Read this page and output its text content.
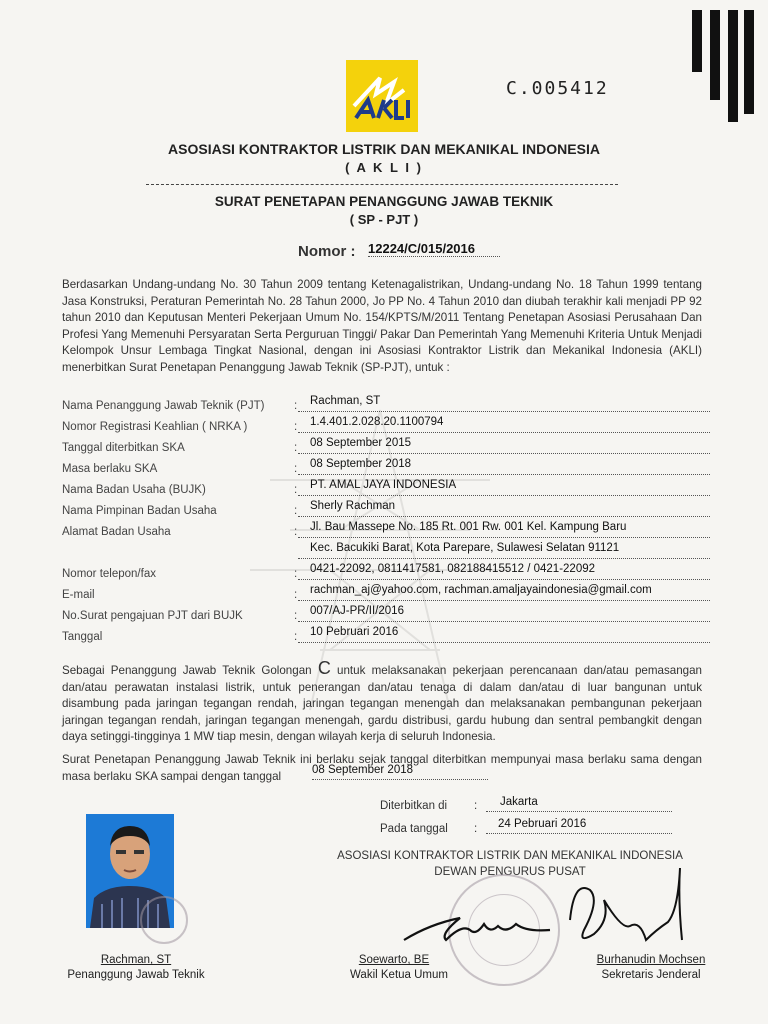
C.005412
ASOSIASI KONTRAKTOR LISTRIK DAN MEKANIKAL INDONESIA
( A K L I )
SURAT PENETAPAN PENANGGUNG JAWAB TEKNIK
( SP - PJT )
Nomor : 12224/C/015/2016
Berdasarkan Undang-undang No. 30 Tahun 2009 tentang Ketenagalistrikan, Undang-undang No. 18 Tahun 1999 tentang Jasa Konstruksi, Peraturan Pemerintah No. 28 Tahun 2000, Jo PP No. 4 Tahun 2010 dan diubah terakhir kali menjadi PP 92 tahun 2010 dan Keputusan Menteri Pekerjaan Umum No. 154/KPTS/M/2011 Tentang Penetapan Asosiasi Perusahaan Dan Profesi Yang Memenuhi Persyaratan Serta Perguruan Tinggi/ Pakar Dan Pemerintah Yang Memenuhi Kriteria Untuk Menjadi Kelompok Unsur Lembaga Tingkat Nasional, dengan ini Asosiasi Kontraktor Listrik dan Mekanikal Indonesia (AKLI) menerbitkan Surat Penetapan Penanggung Jawab Teknik (SP-PJT), untuk :
Nama Penanggung Jawab Teknik (PJT)	:	Rachman, ST
Nomor Registrasi Keahlian ( NRKA )	:	1.4.401.2.028.20.1100794
Tanggal diterbitkan SKA	:	08 September 2015
Masa berlaku SKA	:	08 September 2018
Nama Badan Usaha (BUJK)	:	PT. AMAL JAYA INDONESIA
Nama Pimpinan Badan Usaha	:	Sherly Rachman
Alamat Badan Usaha	:	Jl. Bau Massepe No. 185 Rt. 001 Rw. 001 Kel. Kampung Baru
Kec. Bacukiki Barat, Kota Parepare, Sulawesi Selatan 91121
Nomor telepon/fax	:	0421-22092, 0811417581, 082188415512 / 0421-22092
E-mail	:	rachman_aj@yahoo.com, rachman.amaljayaindonesia@gmail.com
No.Surat pengajuan PJT dari BUJK	:	007/AJ-PR/II/2016
Tanggal	:	10 Pebruari 2016
Sebagai Penanggung Jawab Teknik Golongan C untuk melaksanakan pekerjaan perencanaan dan/atau pemasangan dan/atau perawatan instalasi listrik, untuk penerangan dan/atau tenaga di dalam dan/atau di luar bangunan untuk disambung pada jaringan tegangan rendah, jaringan tegangan menengah dan melaksanakan pembangunan pekerjaan jaringan tegangan rendah, jaringan tegangan menengah, gardu distribusi, gardu hubung dan sentral pembangkit dengan daya setinggi-tingginya 1 MW tiap mesin, dengan wilayah kerja di seluruh Indonesia.
Surat Penetapan Penanggung Jawab Teknik ini berlaku sejak tanggal diterbitkan mempunyai masa berlaku sama dengan masa berlaku SKA sampai dengan tanggal	08 September 2018
Diterbitkan di :	Jakarta
Pada tanggal :	24 Pebruari 2016
ASOSIASI KONTRAKTOR LISTRIK DAN MEKANIKAL INDONESIA
DEWAN PENGURUS PUSAT
Rachman, ST
Penanggung Jawab Teknik
Soewarto, BE
Wakil Ketua Umum
Burhanudin Mochsen
Sekretaris Jenderal
